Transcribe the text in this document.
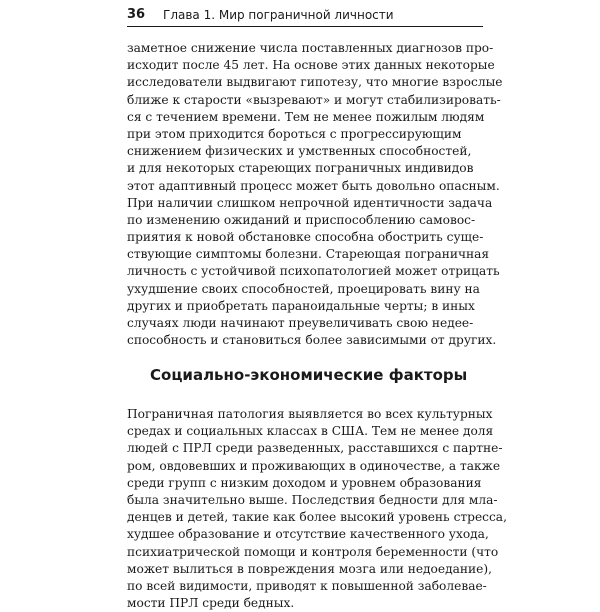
36 Глава 1. Мир пограничной личности
заметное снижение числа поставленных диагнозов про-
исходит после 45 лет. На основе этих данных некоторые
исследователи выдвигают гипотезу, что многие взрослые
ближе к старости «вызревают» и могут стабилизировать-
ся с течением времени. Тем не менее пожилым людям
при этом приходится бороться с прогрессирующим
снижением физических и умственных способностей,
и для некоторых стареющих пограничных индивидов
этот адаптивный процесс может быть довольно опасным.
При наличии слишком непрочной идентичности задача
по изменению ожиданий и приспособлению самовос-
приятия к новой обстановке способна обострить суще-
ствующие симптомы болезни. Стареющая пограничная
личность с устойчивой психопатологией может отрицать
ухудшение своих способностей, проецировать вину на
других и приобретать параноидальные черты; в иных
случаях люди начинают преувеличивать свою недее-
способность и становиться более зависимыми от других.
Социально-экономические факторы
Пограничная патология выявляется во всех культурных
средах и социальных классах в США. Тем не менее доля
людей с ПРЛ среди разведенных, расставшихся с партне-
ром, овдовевших и проживающих в одиночестве, а также
среди групп с низким доходом и уровнем образования
была значительно выше. Последствия бедности для мла-
денцев и детей, такие как более высокий уровень стресса,
худшее образование и отсутствие качественного ухода,
психиатрической помощи и контроля беременности (что
может вылиться в повреждения мозга или недоедание),
по всей видимости, приводят к повышенной заболевае-
мости ПРЛ среди бедных.
